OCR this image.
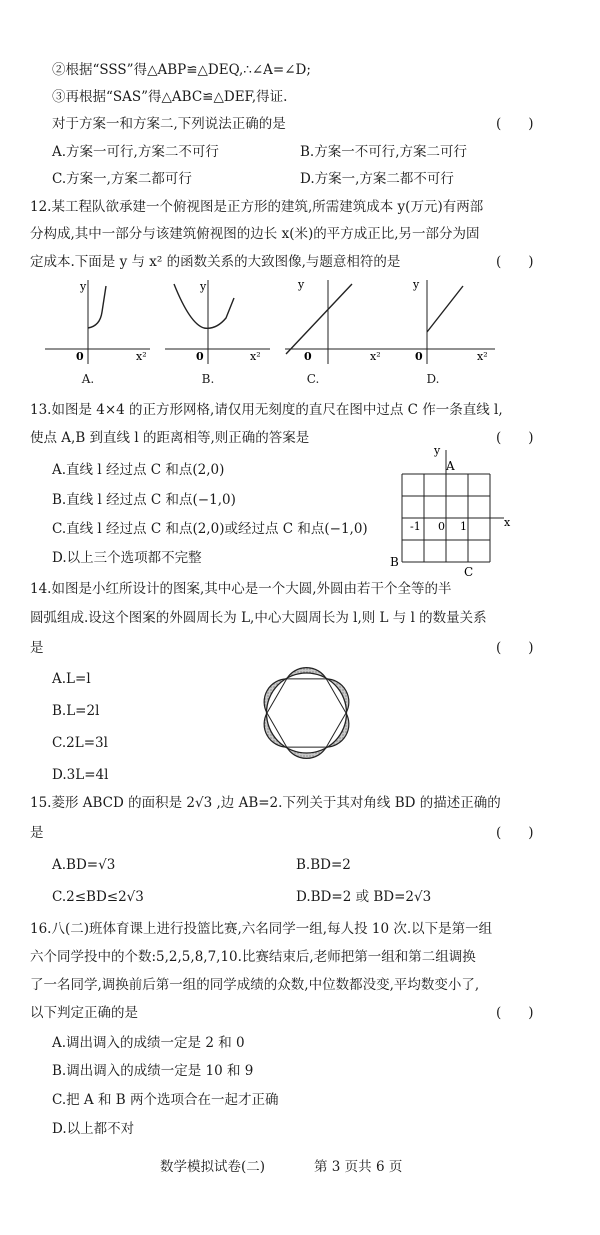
②根据“SSS”得△ABP≌△DEQ,∴∠A=∠D;
③再根据“SAS”得△ABC≌△DEF,得证.
对于方案一和方案二,下列说法正确的是	(　　)
A.方案一可行,方案二不可行	B.方案一不可行,方案二可行
C.方案一,方案二都可行	D.方案一,方案二都不可行
12.某工程队欲承建一个俯视图是正方形的建筑,所需建筑成本 y(万元)有两部
分构成,其中一部分与该建筑俯视图的边长 x(米)的平方成正比,另一部分为固
定成本.下面是 y 与 x² 的函数关系的大致图像,与题意相符的是	(　　)
y
0	x²
A.
y
0	x²
B.
y
0	x²
C.
y
0	x²
D.
13.如图是 4×4 的正方形网格,请仅用无刻度的直尺在图中过点 C 作一条直线 l,
使点 A,B 到直线 l 的距离相等,则正确的答案是	(　　)
A.直线 l 经过点 C 和点(2,0)
B.直线 l 经过点 C 和点(−1,0)
C.直线 l 经过点 C 和点(2,0)或经过点 C 和点(−1,0)
D.以上三个选项都不完整
y
x
A
B
C
-1 0 1
14.如图是小红所设计的图案,其中心是一个大圆,外圆由若干个全等的半
圆弧组成.设这个图案的外圆周长为 L,中心大圆周长为 l,则 L 与 l 的数量关系
是	(　　)
A.L=l
B.L=2l
C.2L=3l
D.3L=4l
15.菱形 ABCD 的面积是 2√3 ,边 AB=2.下列关于其对角线 BD 的描述正确的
是	(　　)
A.BD=√3	B.BD=2
C.2≤BD≤2√3	D.BD=2 或 BD=2√3
16.八(二)班体育课上进行投篮比赛,六名同学一组,每人投 10 次.以下是第一组
六个同学投中的个数:5,2,5,8,7,10.比赛结束后,老师把第一组和第二组调换
了一名同学,调换前后第一组的同学成绩的众数,中位数都没变,平均数变小了,
以下判定正确的是	(　　)
A.调出调入的成绩一定是 2 和 0
B.调出调入的成绩一定是 10 和 9
C.把 A 和 B 两个选项合在一起才正确
D.以上都不对
数学模拟试卷(二)	第 3 页共 6 页
